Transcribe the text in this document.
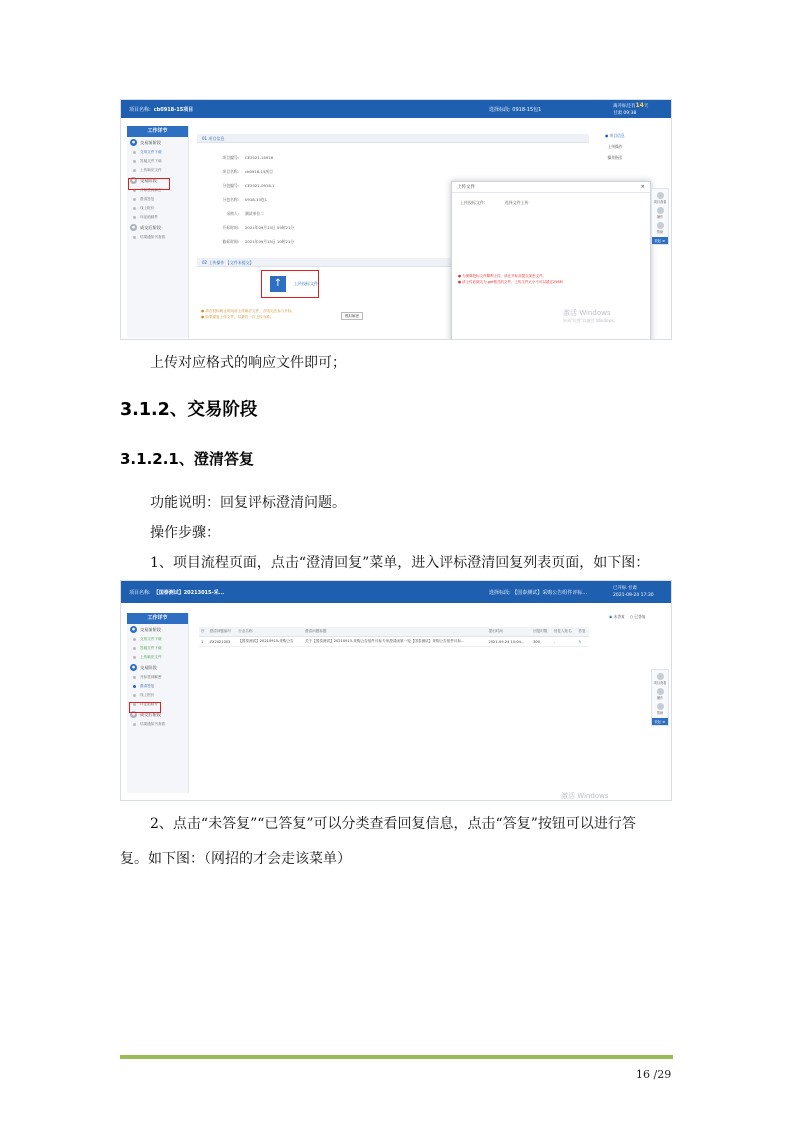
项目名称: cb0918-15项目	选择标段: 0918-15包1
离开标还有14天
甘肃 09:38
工作详节
●	交易前阶段
交易文件下载
答疑文件下载
上传响应文件
●	交易阶段
开标签到解密
澄清答复
线上报价
环证函邮件
●	成交后阶段
结果通知书查看
01 项目信息
项目编号: CE2021-15916
项目名称: cb0918-15项目
分包编号: CE2021-0918-1
分包名称: 0918-15包1
采购人: 测试单位二
开标时间: 2021年09月15日 09时21分
截标时间: 2021年09月15日 10时21分
02 上传操作 【文件未提交】
↑	上传投标文件
● 请在投标截止时间前上传响应文件，否则无法参与开标。
● 如果重复上传文件，以最后一次上传为准。	模拟解密
上传文件	×
上传投标文件:	选择文件上传
● 为保障投标文件顺利上传，请在开标前提交加密文件。
● 请上传后缀名为.gef格式的文件，上传文件大小不可以超过256M
● 项目信息
上传操作
操作指引
项目查看
操作
帮助
收起 ≪
激活 Windows
转到"设置"以激活 Windows。
上传对应格式的响应文件即可；
3.1.2、交易阶段
3.1.2.1、澄清答复
功能说明：回复评标澄清问题。
操作步骤：
1、项目流程页面，点击“澄清回复”菜单，进入评标澄清回复列表页面，如下图：
项目名称: 【国泰测试】20213015-采...	选择标段: 【国泰测试】采购公告组件评标...
已开标 甘肃
2021-09-24 17:30
工作详节
●	交易前阶段
交易文件下载
答疑文件下载
上传响应文件
●	交易阶段
开标签到解密
澄清答复
线上报价
环证函邮件
●	成交后阶段
结果通知书查看
◉ 未答复 ○ 已答复
序	澄清问题编号	行业名称	澄清问题标题	提出时间	回复时限	回复人姓名	答复
1	ZX2021003	【国泰测试】20210915-采购公告	关于【国泰测试】20210915-采购公告组件评标专家澄清函第一轮【国泰测试】采购公告组件评标...	2021-09-24 10:04...	300	-	✎
项目查看
操作
帮助
收起 ≪
激活 Windows
2、点击“未答复”“已答复”可以分类查看回复信息，点击“答复”按钮可以进行答
复。如下图：（网招的才会走该菜单）
16 /29
